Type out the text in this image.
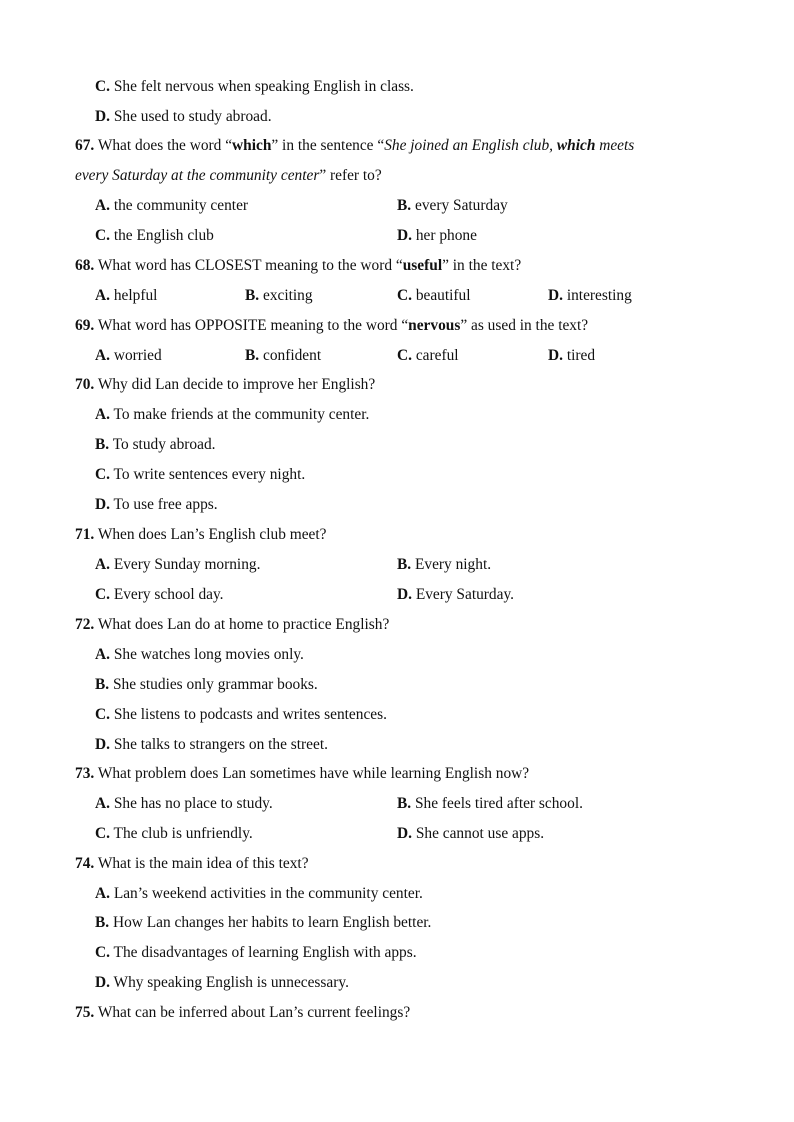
C. She felt nervous when speaking English in class.
D. She used to study abroad.
67. What does the word “which” in the sentence “She joined an English club, which meets
every Saturday at the community center” refer to?
A. the community center	B. every Saturday
C. the English club	D. her phone
68. What word has CLOSEST meaning to the word “useful” in the text?
A. helpful	B. exciting	C. beautiful	D. interesting
69. What word has OPPOSITE meaning to the word “nervous” as used in the text?
A. worried	B. confident	C. careful	D. tired
70. Why did Lan decide to improve her English?
A. To make friends at the community center.
B. To study abroad.
C. To write sentences every night.
D. To use free apps.
71. When does Lan’s English club meet?
A. Every Sunday morning.	B. Every night.
C. Every school day.	D. Every Saturday.
72. What does Lan do at home to practice English?
A. She watches long movies only.
B. She studies only grammar books.
C. She listens to podcasts and writes sentences.
D. She talks to strangers on the street.
73. What problem does Lan sometimes have while learning English now?
A. She has no place to study.	B. She feels tired after school.
C. The club is unfriendly.	D. She cannot use apps.
74. What is the main idea of this text?
A. Lan’s weekend activities in the community center.
B. How Lan changes her habits to learn English better.
C. The disadvantages of learning English with apps.
D. Why speaking English is unnecessary.
75. What can be inferred about Lan’s current feelings?
